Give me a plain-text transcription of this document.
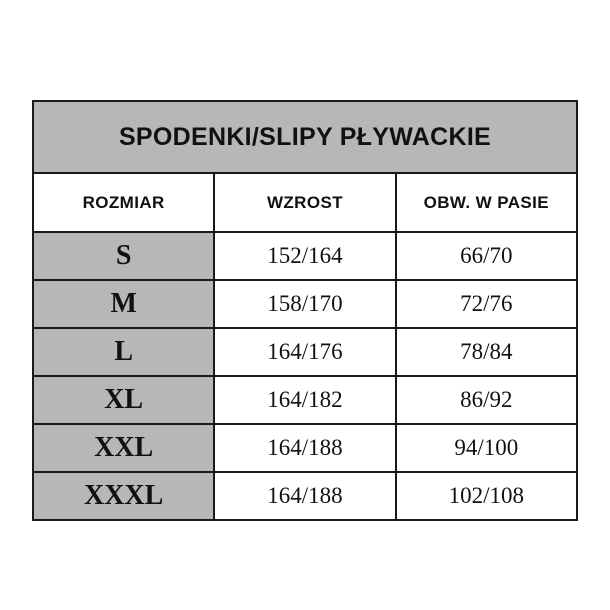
SPODENKI/SLIPY PŁYWACKIE		
ROZMIAR	WZROST	OBW. W PASIE
S	152/164	66/70
M	158/170	72/76
L	164/176	78/84
XL	164/182	86/92
XXL	164/188	94/100
XXXL	164/188	102/108
